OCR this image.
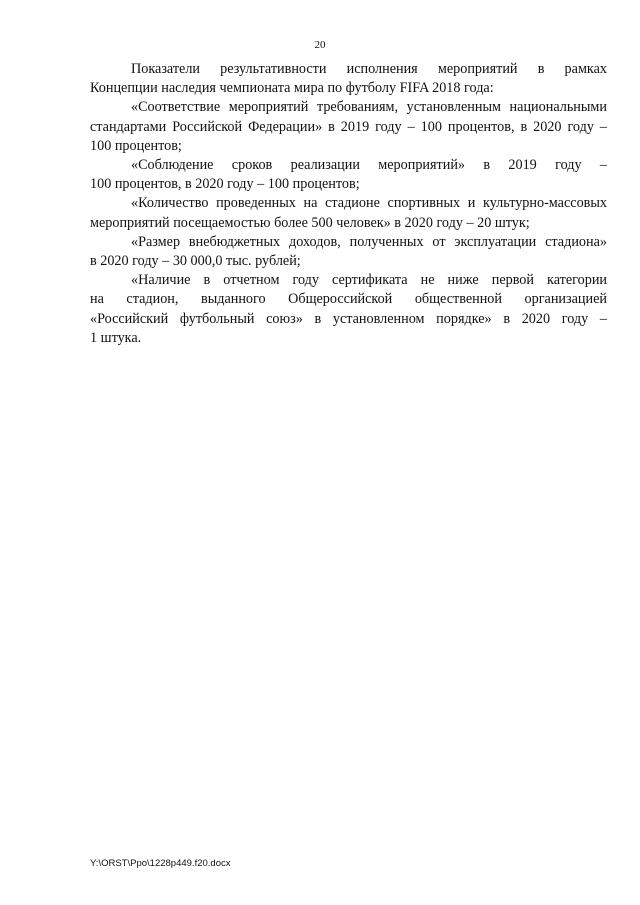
20
Показатели результативности исполнения мероприятий в рамках
Концепции наследия чемпионата мира по футболу FIFA 2018 года:
«Соответствие мероприятий требованиям, установленным национальными
стандартами Российской Федерации» в 2019 году – 100 процентов, в 2020 году –
100 процентов;
«Соблюдение сроков реализации мероприятий» в 2019 году –
100 процентов, в 2020 году – 100 процентов;
«Количество проведенных на стадионе спортивных и культурно-массовых
мероприятий посещаемостью более 500 человек» в 2020 году – 20 штук;
«Размер внебюджетных доходов, полученных от эксплуатации стадиона»
в 2020 году – 30 000,0 тыс. рублей;
«Наличие в отчетном году сертификата не ниже первой категории
на стадион, выданного Общероссийской общественной организацией
«Российский футбольный союз» в установленном порядке» в 2020 году –
1 штука.
Y:\ORST\Ppo\1228p449.f20.docx
